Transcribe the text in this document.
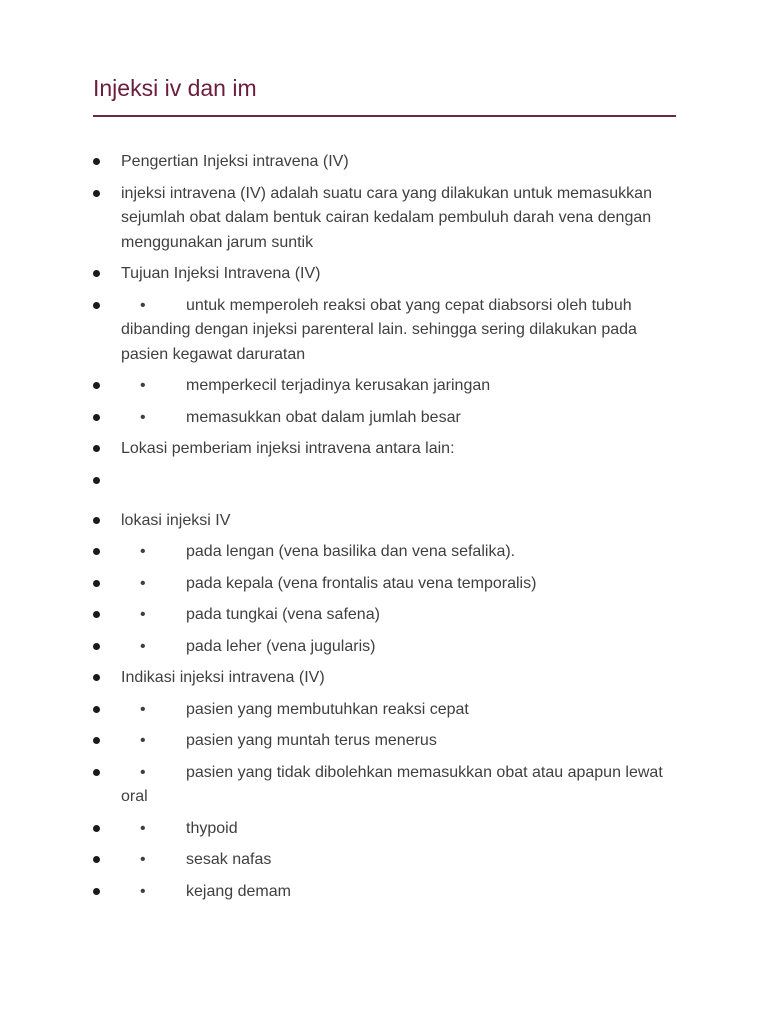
Injeksi iv dan im
Pengertian Injeksi intravena (IV)
injeksi intravena (IV) adalah suatu cara yang dilakukan untuk memasukkan sejumlah obat dalam bentuk cairan kedalam pembuluh darah vena dengan menggunakan jarum suntik
Tujuan Injeksi Intravena (IV)
•untuk memperoleh reaksi obat yang cepat diabsorsi oleh tubuh dibanding dengan injeksi parenteral lain. sehingga sering dilakukan pada pasien kegawat daruratan
•memperkecil terjadinya kerusakan jaringan
•memasukkan obat dalam jumlah besar
Lokasi pemberiam injeksi intravena antara lain:
lokasi injeksi IV
•pada lengan (vena basilika dan vena sefalika).
•pada kepala (vena frontalis atau vena temporalis)
•pada tungkai (vena safena)
•pada leher (vena jugularis)
Indikasi injeksi intravena (IV)
•pasien yang membutuhkan reaksi cepat
•pasien yang muntah terus menerus
•pasien yang tidak dibolehkan memasukkan obat atau apapun lewat oral
•thypoid
•sesak nafas
•kejang demam
